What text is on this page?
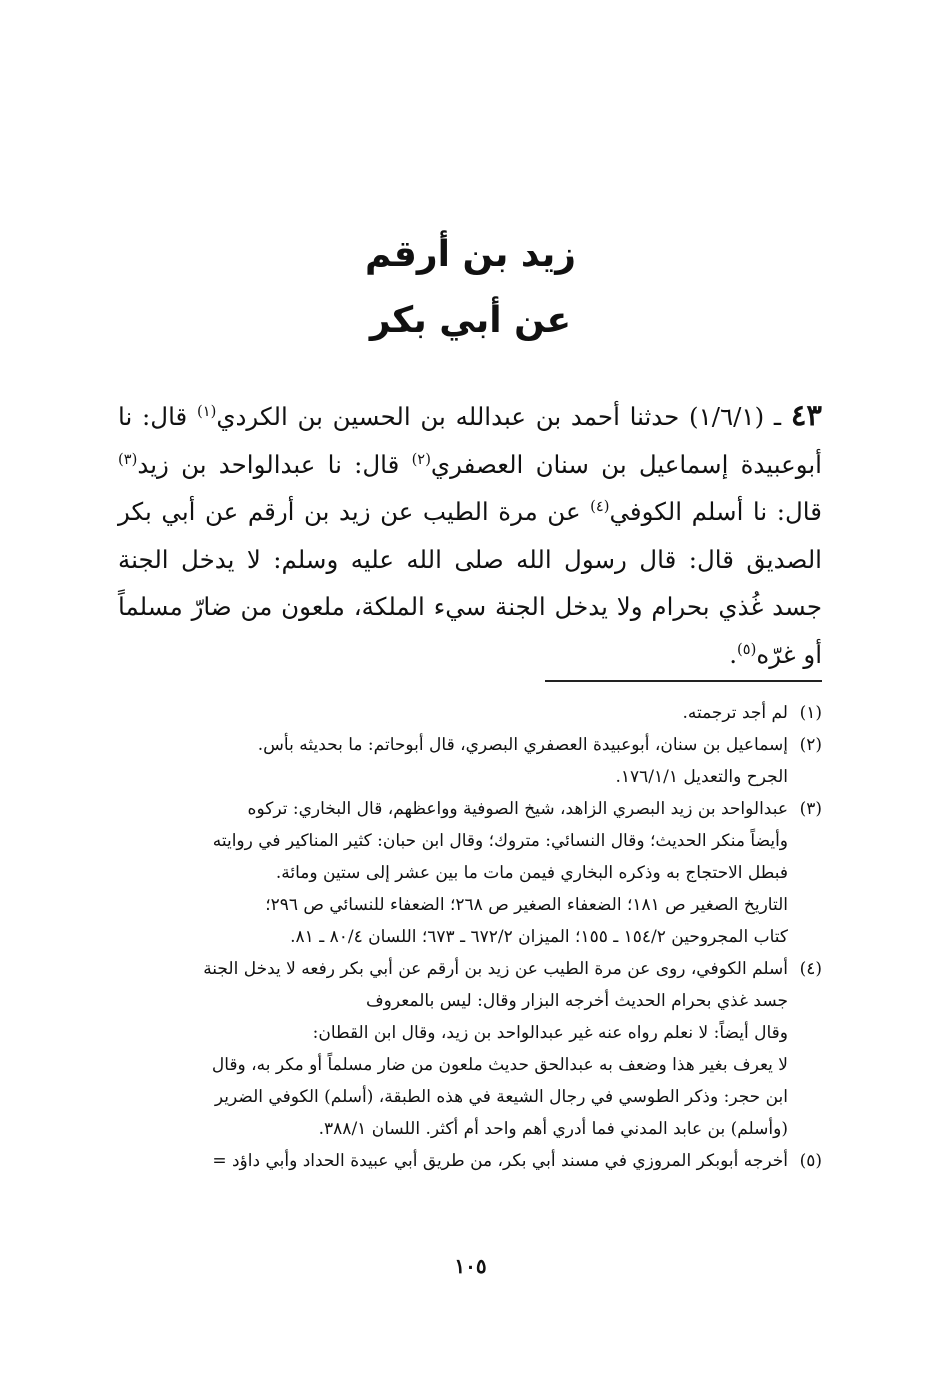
زيد بن أرقم
عن أبي بكر
٤٣ ـ (١/٦/١) حدثنا أحمد بن عبدالله بن الحسين بن الكردي$^{(١)}$ قال: نا أبوعبيدة إسماعيل بن سنان العصفري$^{(٢)}$ قال: نا عبدالواحد بن زيد$^{(٣)}$ قال: نا أسلم الكوفي$^{(٤)}$ عن مرة الطيب عن زيد بن أرقم عن أبي بكر الصديق قال: قال رسول الله صلى الله عليه وسلم: لا يدخل الجنة جسد غُذي بحرام ولا يدخل الجنة سيء الملكة، ملعون من ضارّ مسلماً أو غرّه$^{(٥)}$.
(١)
لم أجد ترجمته.
(٢)
إسماعيل بن سنان، أبوعبيدة العصفري البصري، قال أبوحاتم: ما بحديثه بأس.
الجرح والتعديل ١٧٦/١/١.
(٣)
عبدالواحد بن زيد البصري الزاهد، شيخ الصوفية وواعظهم، قال البخاري: تركوه
وأيضاً منكر الحديث؛ وقال النسائي: متروك؛ وقال ابن حبان: كثير المناكير في روايته
فبطل الاحتجاج به وذكره البخاري فيمن مات ما بين عشر إلى ستين ومائة.
التاريخ الصغير ص ١٨١؛ الضعفاء الصغير ص ٢٦٨؛ الضعفاء للنسائي ص ٢٩٦؛
كتاب المجروحين ١٥٤/٢ ـ ١٥٥؛ الميزان ٦٧٢/٢ ـ ٦٧٣؛ اللسان ٨٠/٤ ـ ٨١.
(٤)
أسلم الكوفي، روى عن مرة الطيب عن زيد بن أرقم عن أبي بكر رفعه لا يدخل الجنة
جسد غذي بحرام الحديث أخرجه البزار وقال: ليس بالمعروف
وقال أيضاً: لا نعلم رواه عنه غير عبدالواحد بن زيد، وقال ابن القطان:
لا يعرف بغير هذا وضعف به عبدالحق حديث ملعون من ضار مسلماً أو مكر به، وقال
ابن حجر: وذكر الطوسي في رجال الشيعة في هذه الطبقة، (أسلم) الكوفي الضرير
(وأسلم) بن عابد المدني فما أدري أهم واحد أم أكثر. اللسان ٣٨٨/١.
(٥)
أخرجه أبوبكر المروزي في مسند أبي بكر، من طريق أبي عبيدة الحداد وأبي داؤد =
١٠٥
